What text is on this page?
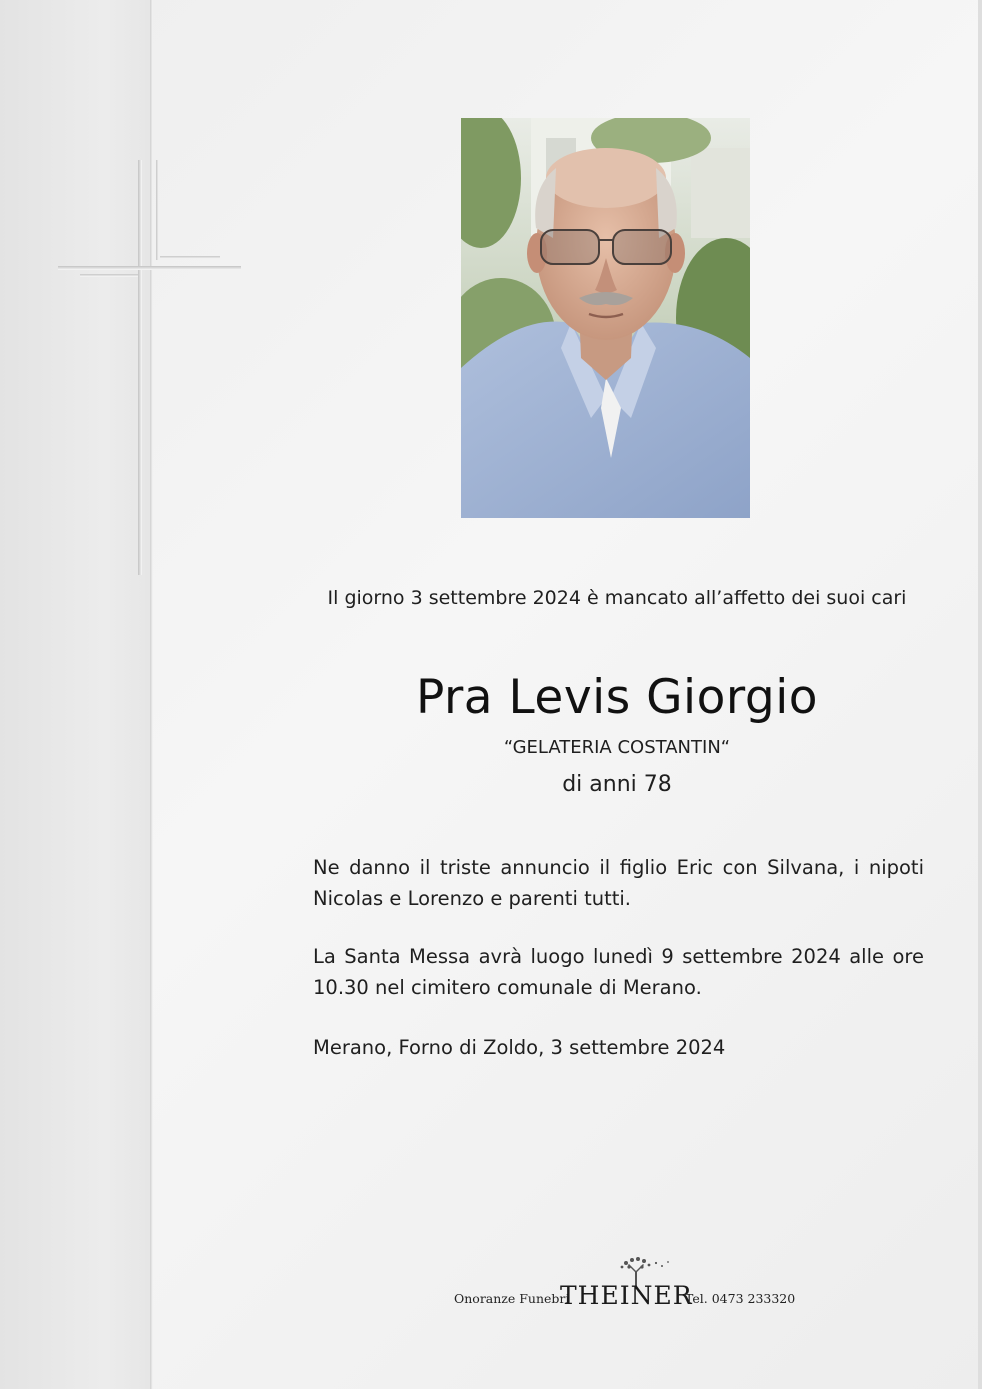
Il giorno 3 settembre 2024 è mancato all’affetto dei suoi cari
Pra Levis Giorgio
“GELATERIA COSTANTIN“
di anni 78
Ne danno il triste annuncio il figlio Eric con Silvana, i nipoti Nicolas e Lorenzo e parenti tutti.
La Santa Messa avrà luogo lunedì 9 settembre 2024 alle ore 10.30 nel cimitero comunale di Merano.
Merano, Forno di Zoldo, 3 settembre 2024
Onoranze Funebri
THEINER
Tel. 0473 233320
